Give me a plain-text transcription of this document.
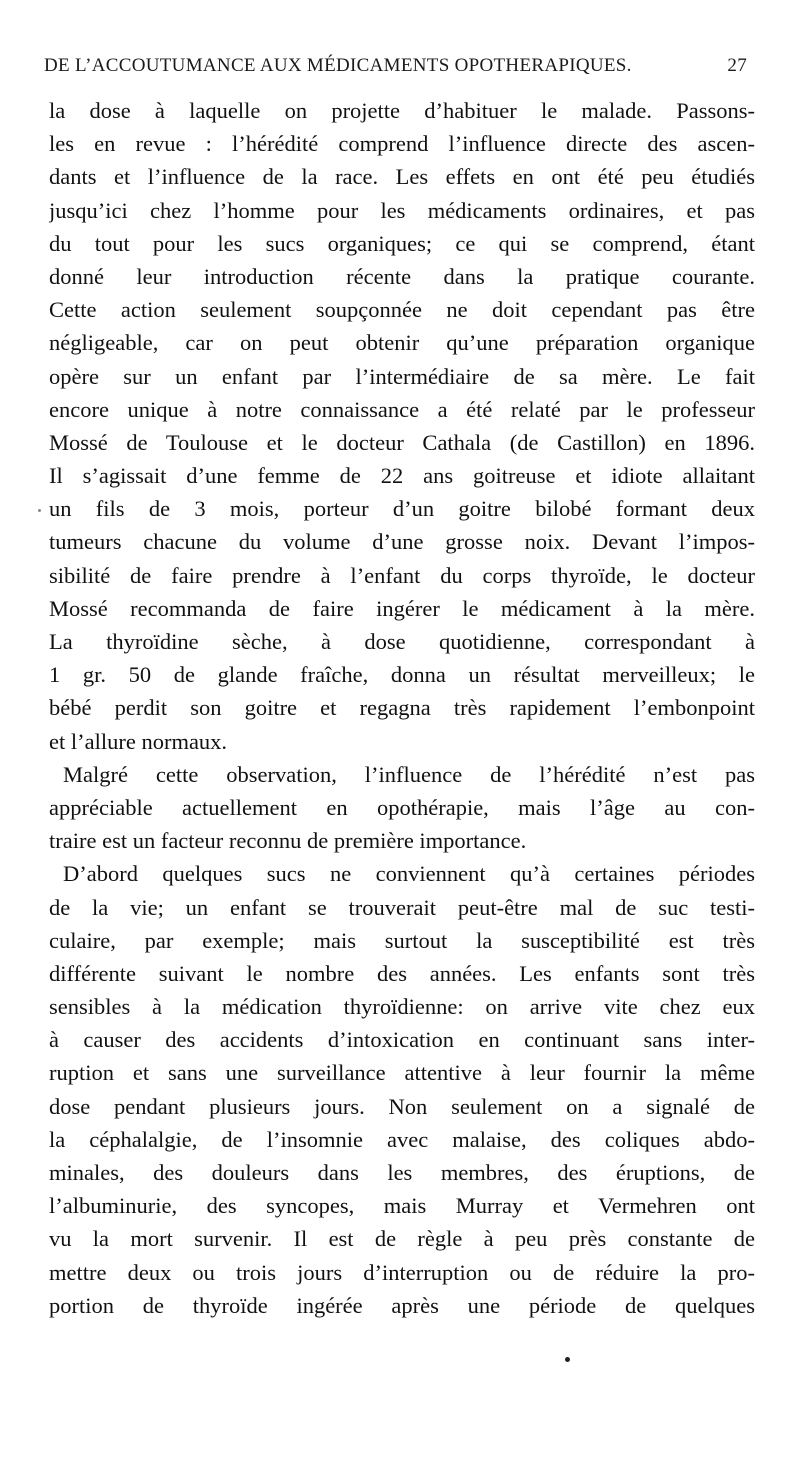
DE L’ACCOUTUMANCE AUX MÉDICAMENTS OPOTHERAPIQUES.	27
la dose à laquelle on projette d’habituer le malade. Passons-
les en revue : l’hérédité comprend l’influence directe des ascen-
dants et l’influence de la race. Les effets en ont été peu étudiés
jusqu’ici chez l’homme pour les médicaments ordinaires, et pas
du tout pour les sucs organiques; ce qui se comprend, étant
donné leur introduction récente dans la pratique courante.
Cette action seulement soupçonnée ne doit cependant pas être
négligeable, car on peut obtenir qu’une préparation organique
opère sur un enfant par l’intermédiaire de sa mère. Le fait
encore unique à notre connaissance a été relaté par le professeur
Mossé de Toulouse et le docteur Cathala (de Castillon) en 1896.
Il s’agissait d’une femme de 22 ans goitreuse et idiote allaitant
un fils de 3 mois, porteur d’un goitre bilobé formant deux
tumeurs chacune du volume d’une grosse noix. Devant l’impos-
sibilité de faire prendre à l’enfant du corps thyroïde, le docteur
Mossé recommanda de faire ingérer le médicament à la mère.
La thyroïdine sèche, à dose quotidienne, correspondant à
1 gr. 50 de glande fraîche, donna un résultat merveilleux; le
bébé perdit son goitre et regagna très rapidement l’embonpoint
et l’allure normaux.
Malgré cette observation, l’influence de l’hérédité n’est pas
appréciable actuellement en opothérapie, mais l’âge au con-
traire est un facteur reconnu de première importance.
D’abord quelques sucs ne conviennent qu’à certaines périodes
de la vie; un enfant se trouverait peut-être mal de suc testi-
culaire, par exemple; mais surtout la susceptibilité est très
différente suivant le nombre des années. Les enfants sont très
sensibles à la médication thyroïdienne: on arrive vite chez eux
à causer des accidents d’intoxication en continuant sans inter-
ruption et sans une surveillance attentive à leur fournir la même
dose pendant plusieurs jours. Non seulement on a signalé de
la céphalalgie, de l’insomnie avec malaise, des coliques abdo-
minales, des douleurs dans les membres, des éruptions, de
l’albuminurie, des syncopes, mais Murray et Vermehren ont
vu la mort survenir. Il est de règle à peu près constante de
mettre deux ou trois jours d’interruption ou de réduire la pro-
portion de thyroïde ingérée après une période de quelques
